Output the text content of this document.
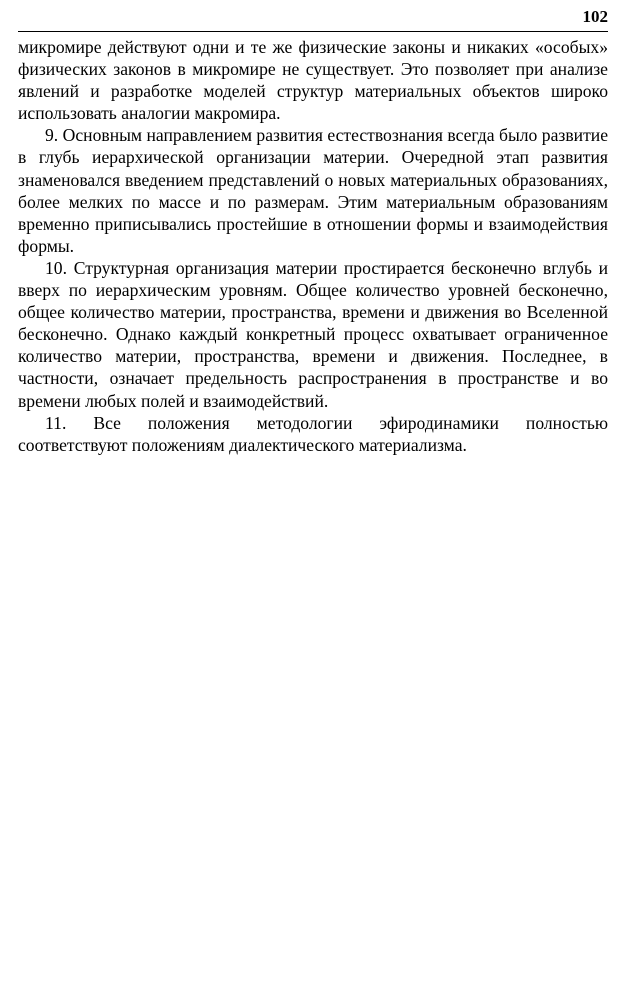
102

микромире действуют одни и те же физические законы и никаких «особых» физических законов в микромире не существует. Это позволяет при анализе явлений и разработке моделей структур материальных объектов широко использовать аналогии макромира.

9. Основным направлением развития естествознания всегда было развитие в глубь иерархической организации материи. Очередной этап развития знаменовался введением представлений о новых материальных образованиях, более мелких по массе и по размерам. Этим материальным образованиям временно приписывались простейшие в отношении формы и взаимодействия формы.

10. Структурная организация материи простирается бесконечно вглубь и вверх по иерархическим уровням. Общее количество уровней бесконечно, общее количество материи, пространства, времени и движения во Вселенной бесконечно. Однако каждый конкретный процесс охватывает ограниченное количество материи, пространства, времени и движения. Последнее, в частности, означает предельность распространения в пространстве и во времени любых полей и взаимодействий.

11. Все положения методологии эфиродинамики полностью соответствуют положениям диалектического материализма.
